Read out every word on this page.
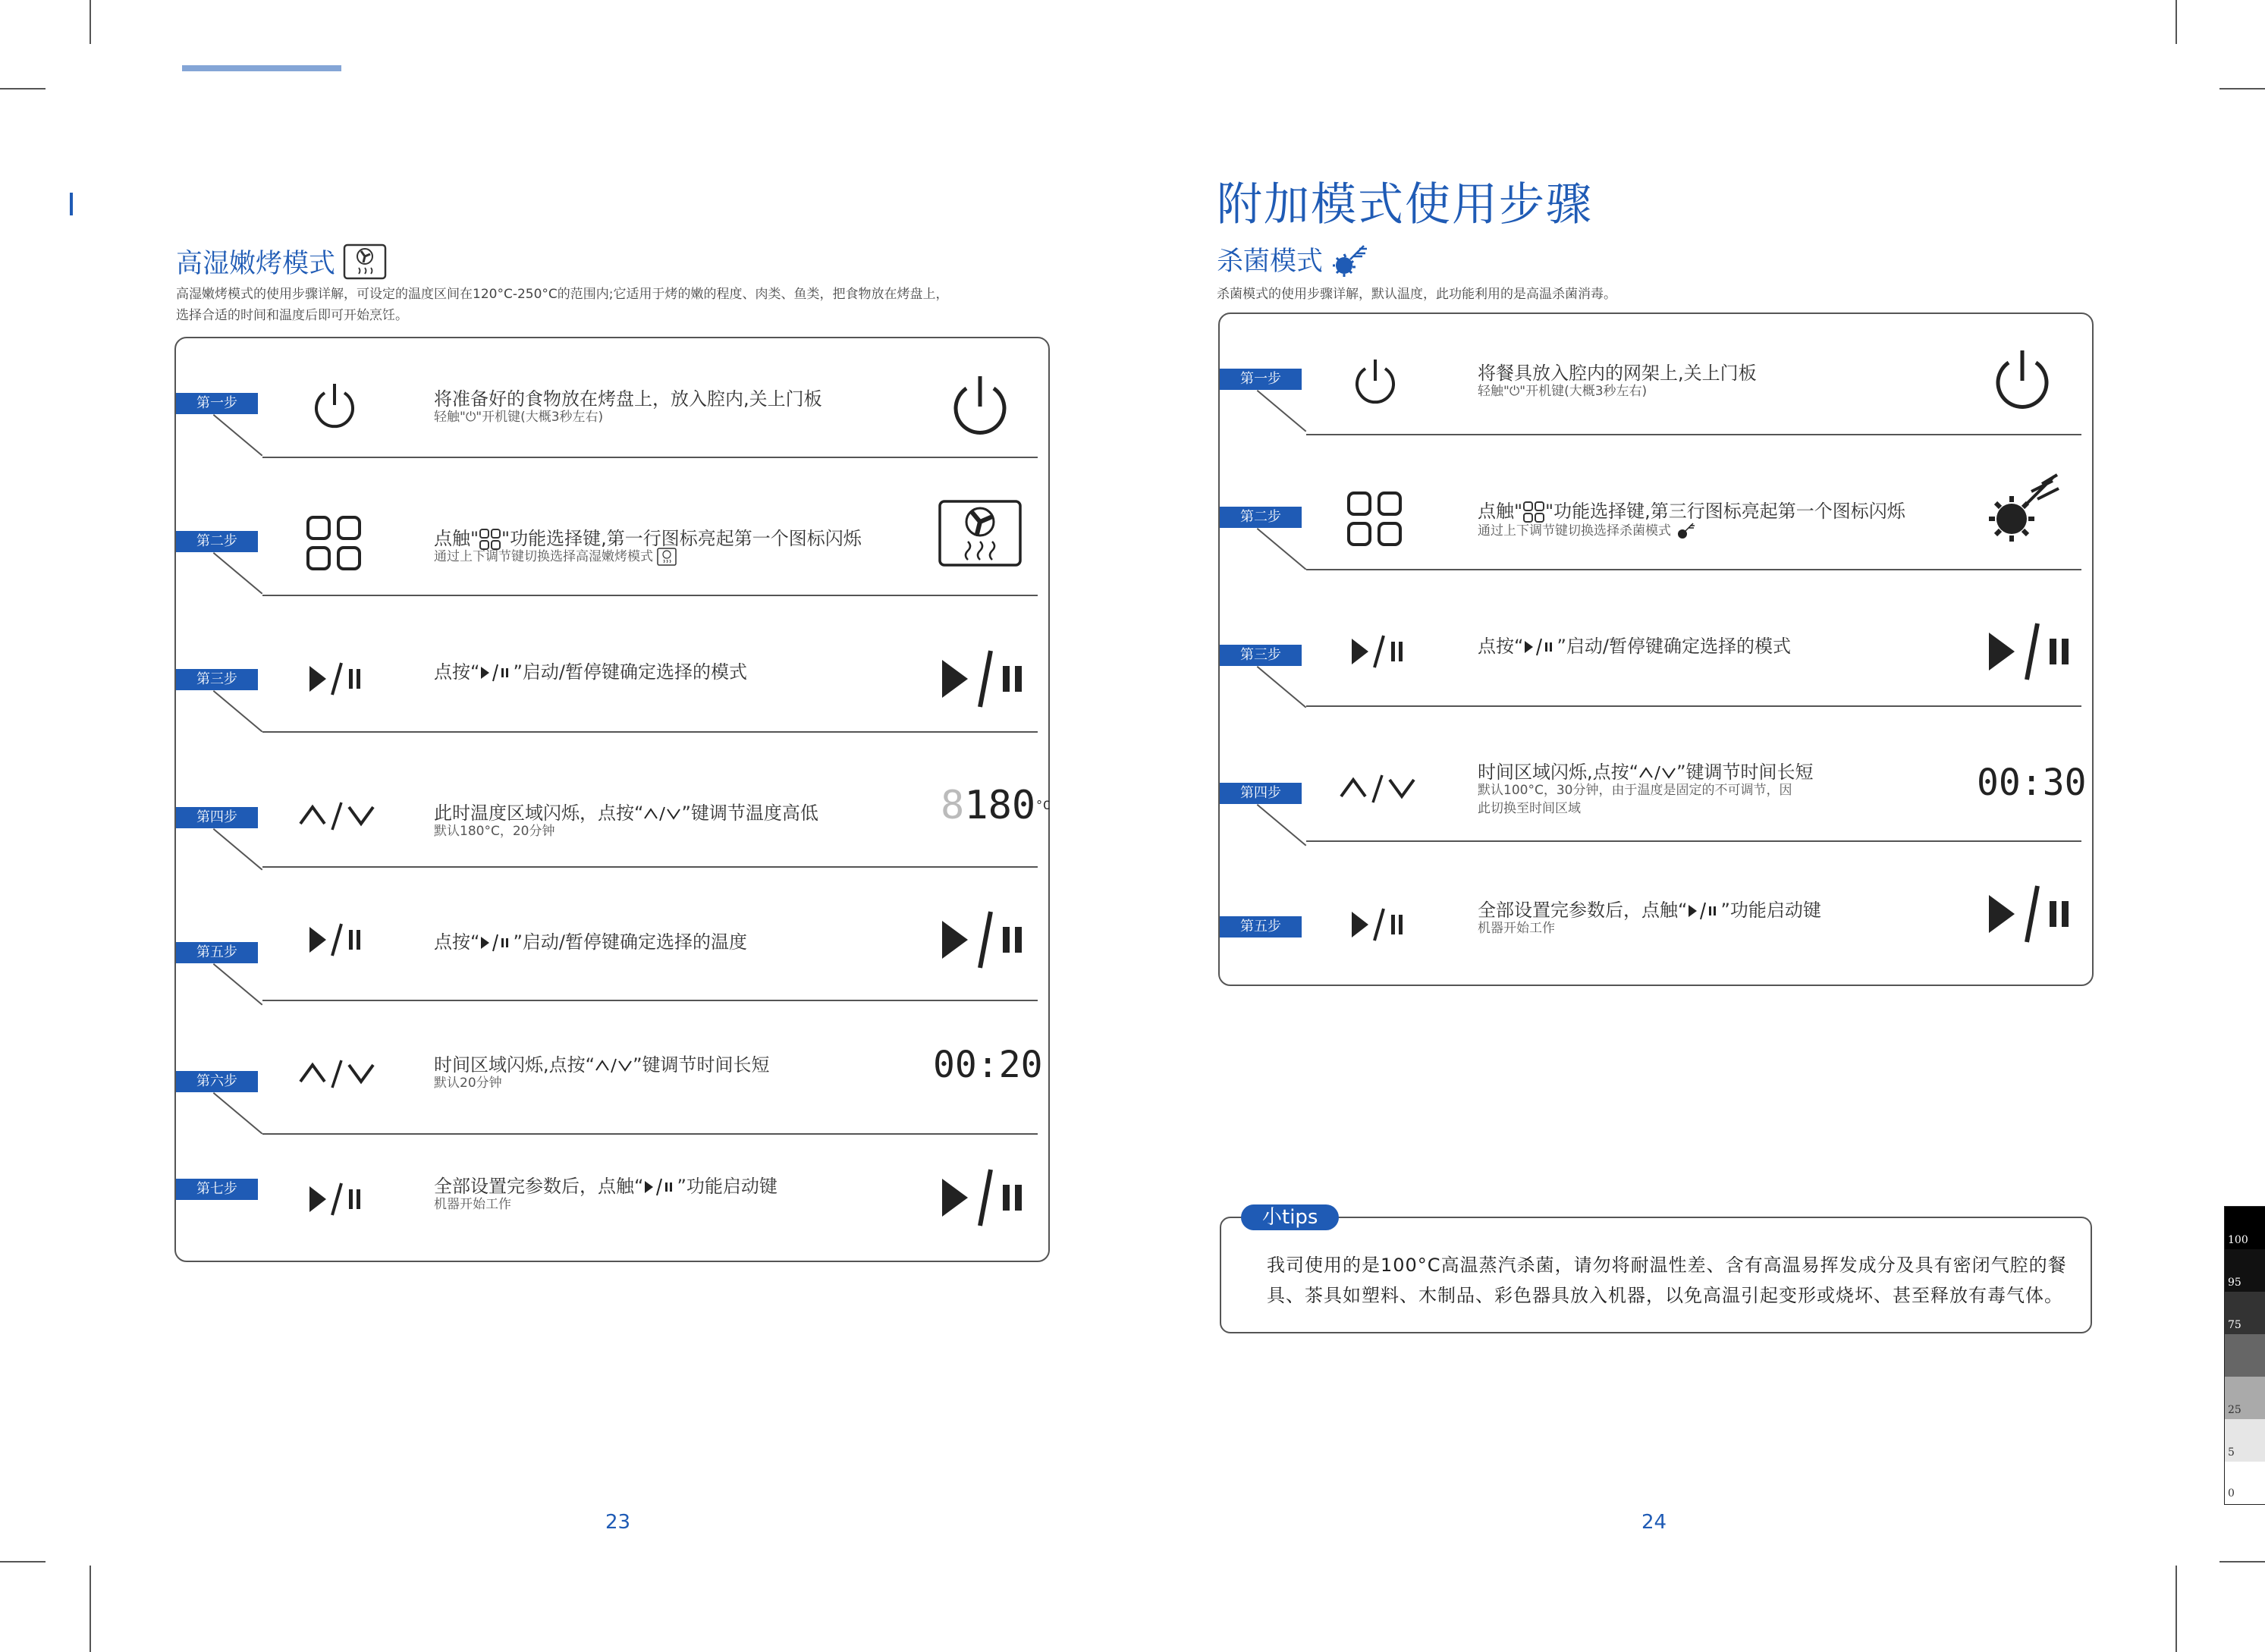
高湿嫩烤模式
高湿嫩烤模式的使用步骤详解，可设定的温度区间在120°C-250°C的范围内;它适用于烤的嫩的程度、肉类、鱼类，把食物放在烤盘上，
选择合适的时间和温度后即可开始烹饪。
第一步	将准备好的食物放在烤盘上，放入腔内,关上门板
轻触"⏻"开机键(大概3秒左右)
第二步	点触" "功能选择键,第一行图标亮起第一个图标闪烁
通过上下调节键切换选择高湿嫩烤模式
第三步	点按“ ”启动/暂停键确定选择的模式
第四步	此时温度区域闪烁，点按“ ”键调节温度高低
默认180°C，20分钟
$8180^{^\circ C}$
第五步	点按“ ”启动/暂停键确定选择的温度
第六步
时间区域闪烁,点按“ ”键调节时间长短
默认20分钟	00:20
第七步	全部设置完参数后，点触“ ”功能启动键
机器开始工作
23
附加模式使用步骤
杀菌模式
杀菌模式的使用步骤详解，默认温度，此功能利用的是高温杀菌消毒。
第一步	将餐具放入腔内的网架上,关上门板
轻触"⏻"开机键(大概3秒左右)
第二步	点触" "功能选择键,第三行图标亮起第一个图标闪烁
通过上下调节键切换选择杀菌模式
第三步	点按“ ”启动/暂停键确定选择的模式
第四步
时间区域闪烁,点按“ ”键调节时间长短
默认100°C，30分钟，由于温度是固定的不可调节，因
此切换至时间区域
00:30
第五步
全部设置完参数后，点触“ ”功能启动键
机器开始工作
小tips
我司使用的是100°C高温蒸汽杀菌，请勿将耐温性差、含有高温易挥发成分及具有密闭气腔的餐
具、茶具如塑料、木制品、彩色器具放入机器，以免高温引起变形或烧坏、甚至释放有毒气体。
24
100
95
75
25
5
0
